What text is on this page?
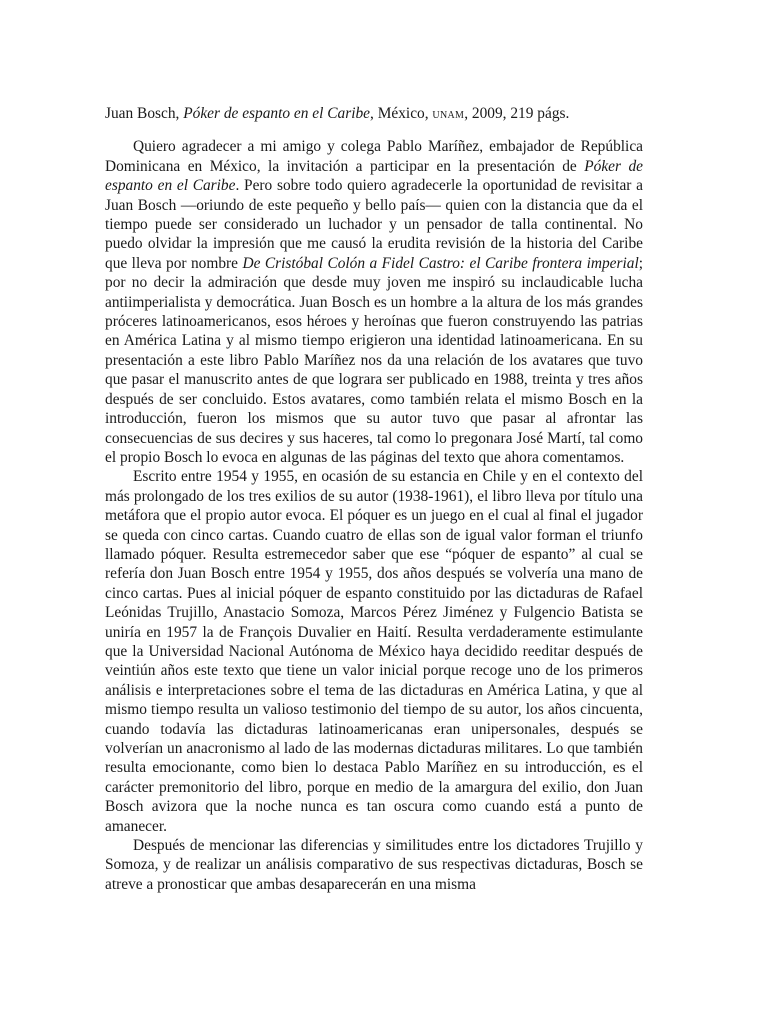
Juan Bosch, Póker de espanto en el Caribe, México, unam, 2009, 219 págs.

Quiero agradecer a mi amigo y colega Pablo Maríñez, embajador de República Dominicana en México, la invitación a participar en la presentación de Póker de espanto en el Caribe. Pero sobre todo quiero agradecerle la oportunidad de revisitar a Juan Bosch —oriundo de este pequeño y bello país— quien con la distancia que da el tiempo puede ser considerado un luchador y un pensador de talla continental. No puedo olvidar la impresión que me causó la erudita revisión de la historia del Caribe que lleva por nombre De Cristóbal Colón a Fidel Castro: el Caribe frontera imperial; por no decir la admiración que desde muy joven me inspiró su inclaudicable lucha antiimperialista y democrática. Juan Bosch es un hombre a la altura de los más grandes próceres latinoamericanos, esos héroes y heroínas que fueron construyendo las patrias en América Latina y al mismo tiempo erigieron una identidad latinoamericana. En su presentación a este libro Pablo Maríñez nos da una relación de los avatares que tuvo que pasar el manuscrito antes de que lograra ser publicado en 1988, treinta y tres años después de ser concluido. Estos avatares, como también relata el mismo Bosch en la introducción, fueron los mismos que su autor tuvo que pasar al afrontar las consecuencias de sus decires y sus haceres, tal como lo pregonara José Martí, tal como el propio Bosch lo evoca en algunas de las páginas del texto que ahora comentamos.

Escrito entre 1954 y 1955, en ocasión de su estancia en Chile y en el contexto del más prolongado de los tres exilios de su autor (1938-1961), el libro lleva por título una metáfora que el propio autor evoca. El póquer es un juego en el cual al final el jugador se queda con cinco cartas. Cuando cuatro de ellas son de igual valor forman el triunfo llamado póquer. Resulta estremecedor saber que ese “póquer de espanto” al cual se refería don Juan Bosch entre 1954 y 1955, dos años después se volvería una mano de cinco cartas. Pues al inicial póquer de espanto constituido por las dictaduras de Rafael Leónidas Trujillo, Anastacio Somoza, Marcos Pérez Jiménez y Fulgencio Batista se uniría en 1957 la de François Duvalier en Haití. Resulta verdaderamente estimulante que la Universidad Nacional Autónoma de México haya decidido reeditar después de veintiún años este texto que tiene un valor inicial porque recoge uno de los primeros análisis e interpretaciones sobre el tema de las dictaduras en América Latina, y que al mismo tiempo resulta un valioso testimonio del tiempo de su autor, los años cincuenta, cuando todavía las dictaduras latinoamericanas eran unipersonales, después se volverían un anacronismo al lado de las modernas dictaduras militares. Lo que también resulta emocionante, como bien lo destaca Pablo Maríñez en su introducción, es el carácter premonitorio del libro, porque en medio de la amargura del exilio, don Juan Bosch avizora que la noche nunca es tan oscura como cuando está a punto de amanecer.

Después de mencionar las diferencias y similitudes entre los dictadores Trujillo y Somoza, y de realizar un análisis comparativo de sus respectivas dictaduras, Bosch se atreve a pronosticar que ambas desaparecerán en una misma
